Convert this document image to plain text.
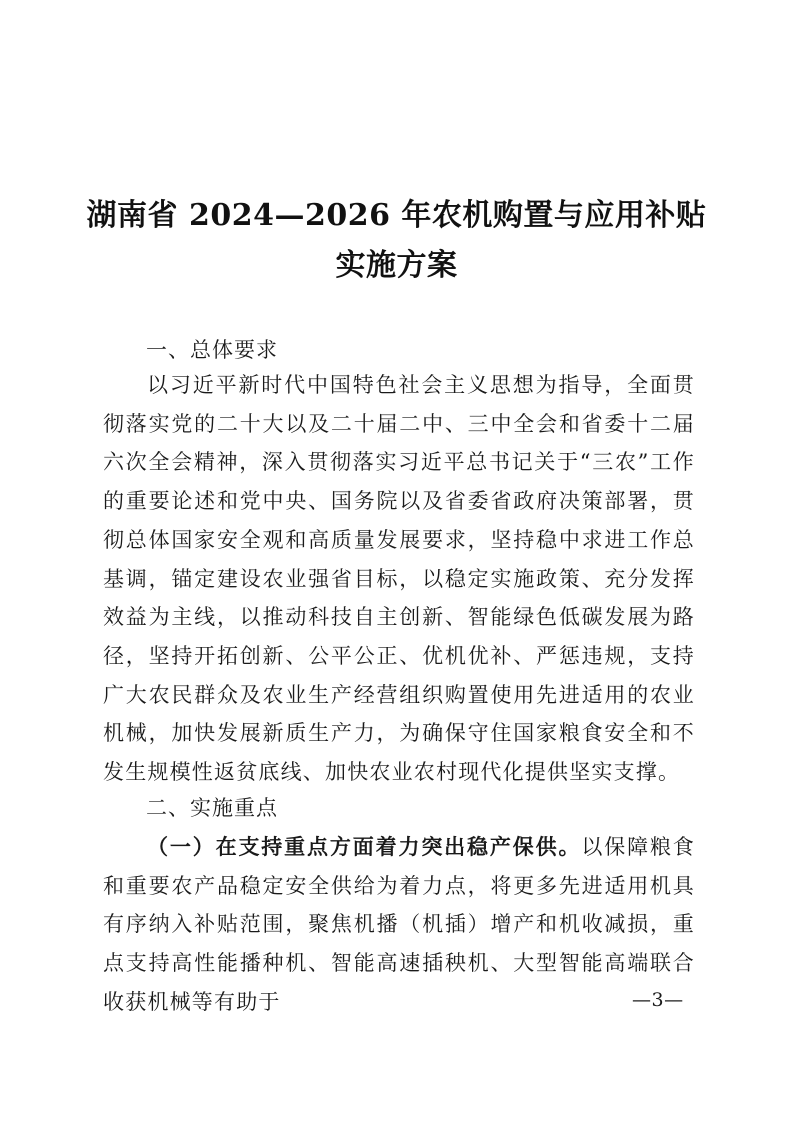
湖南省 2024—2026 年农机购置与应用补贴
实施方案
一、总体要求

以习近平新时代中国特色社会主义思想为指导，全面贯彻落实党的二十大以及二十届二中、三中全会和省委十二届六次全会精神，深入贯彻落实习近平总书记关于“三农”工作的重要论述和党中央、国务院以及省委省政府决策部署，贯彻总体国家安全观和高质量发展要求，坚持稳中求进工作总基调，锚定建设农业强省目标，以稳定实施政策、充分发挥效益为主线，以推动科技自主创新、智能绿色低碳发展为路径，坚持开拓创新、公平公正、优机优补、严惩违规，支持广大农民群众及农业生产经营组织购置使用先进适用的农业机械，加快发展新质生产力，为确保守住国家粮食安全和不发生规模性返贫底线、加快农业农村现代化提供坚实支撑。

二、实施重点

（一）在支持重点方面着力突出稳产保供。以保障粮食和重要农产品稳定安全供给为着力点，将更多先进适用机具有序纳入补贴范围，聚焦机播（机插）增产和机收减损，重点支持高性能播种机、智能高速插秧机、大型智能高端联合收获机械等有助于	—3—
